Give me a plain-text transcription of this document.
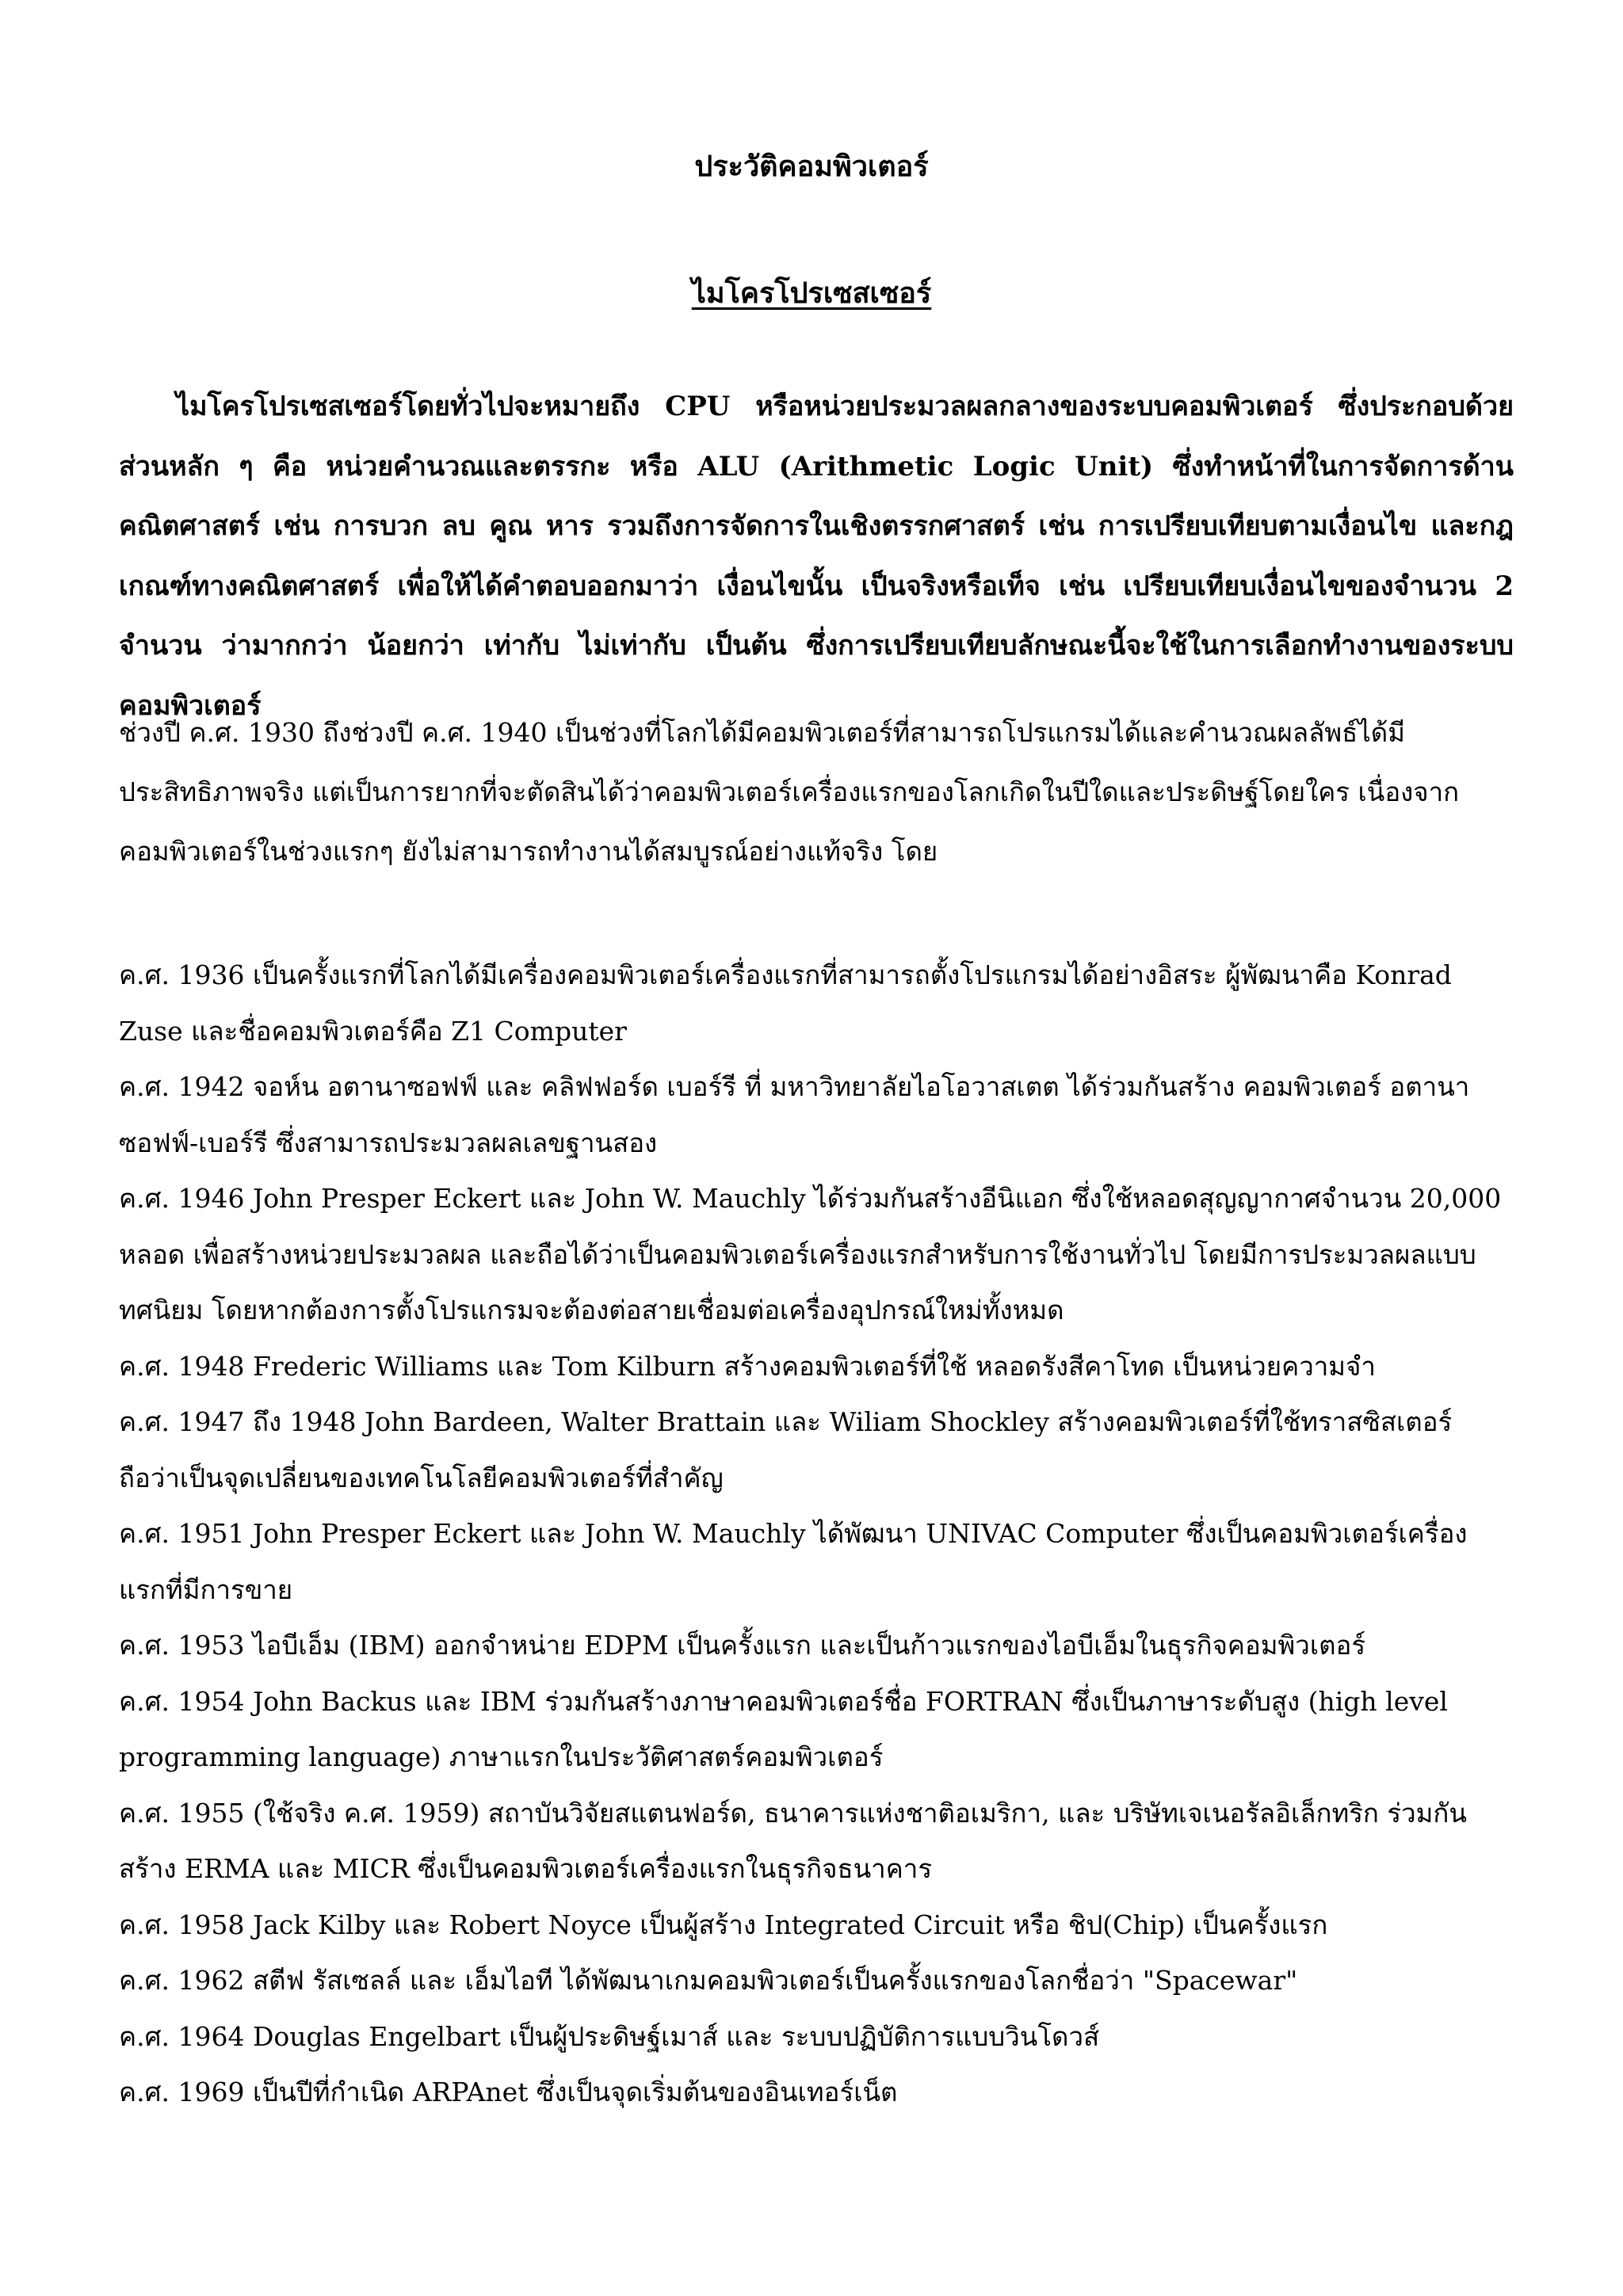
ประวัติคอมพิวเตอร์
ไมโครโปรเซสเซอร์

ไมโครโปรเซสเซอร์โดยทั่วไปจะหมายถึง CPU หรือหน่วยประมวลผลกลางของระบบคอมพิวเตอร์ ซึ่งประกอบด้วยส่วนหลัก ๆ คือ หน่วยคำนวณและตรรกะ หรือ ALU (Arithmetic Logic Unit) ซึ่งทำหน้าที่ในการจัดการด้านคณิตศาสตร์ เช่น การบวก ลบ คูณ หาร รวมถึงการจัดการในเชิงตรรกศาสตร์ เช่น การเปรียบเทียบตามเงื่อนไข และกฎเกณฑ์ทางคณิตศาสตร์ เพื่อให้ได้คำตอบออกมาว่า เงื่อนไขนั้น เป็นจริงหรือเท็จ เช่น เปรียบเทียบเงื่อนไขของจำนวน 2 จำนวน ว่ามากกว่า น้อยกว่า เท่ากับ ไม่เท่ากับ เป็นต้น ซึ่งการเปรียบเทียบลักษณะนี้จะใช้ในการเลือกทำงานของระบบคอมพิวเตอร์

ช่วงปี ค.ศ. 1930 ถึงช่วงปี ค.ศ. 1940 เป็นช่วงที่โลกได้มีคอมพิวเตอร์ที่สามารถโปรแกรมได้และคำนวณผลลัพธ์ได้มีประสิทธิภาพจริง แต่เป็นการยากที่จะตัดสินได้ว่าคอมพิวเตอร์เครื่องแรกของโลกเกิดในปีใดและประดิษฐ์โดยใคร เนื่องจากคอมพิวเตอร์ในช่วงแรกๆ ยังไม่สามารถทำงานได้สมบูรณ์อย่างแท้จริง โดย

ค.ศ. 1936 เป็นครั้งแรกที่โลกได้มีเครื่องคอมพิวเตอร์เครื่องแรกที่สามารถตั้งโปรแกรมได้อย่างอิสระ ผู้พัฒนาคือ Konrad Zuse และชื่อคอมพิวเตอร์คือ Z1 Computer
ค.ศ. 1942 จอห์น อตานาซอฟฟ์ และ คลิฟฟอร์ด เบอร์รี ที่ มหาวิทยาลัยไอโอวาสเตต ได้ร่วมกันสร้าง คอมพิวเตอร์ อตานาซอฟฟ์-เบอร์รี ซึ่งสามารถประมวลผลเลขฐานสอง
ค.ศ. 1946 John Presper Eckert และ John W. Mauchly ได้ร่วมกันสร้างอีนิแอก ซึ่งใช้หลอดสุญญากาศจำนวน 20,000 หลอด เพื่อสร้างหน่วยประมวลผล และถือได้ว่าเป็นคอมพิวเตอร์เครื่องแรกสำหรับการใช้งานทั่วไป โดยมีการประมวลผลแบบทศนิยม โดยหากต้องการตั้งโปรแกรมจะต้องต่อสายเชื่อมต่อเครื่องอุปกรณ์ใหม่ทั้งหมด
ค.ศ. 1948 Frederic Williams และ Tom Kilburn สร้างคอมพิวเตอร์ที่ใช้ หลอดรังสีคาโทด เป็นหน่วยความจำ
ค.ศ. 1947 ถึง 1948 John Bardeen, Walter Brattain และ Wiliam Shockley สร้างคอมพิวเตอร์ที่ใช้ทราสซิสเตอร์ ถือว่าเป็นจุดเปลี่ยนของเทคโนโลยีคอมพิวเตอร์ที่สำคัญ
ค.ศ. 1951 John Presper Eckert และ John W. Mauchly ได้พัฒนา UNIVAC Computer ซึ่งเป็นคอมพิวเตอร์เครื่องแรกที่มีการขาย
ค.ศ. 1953 ไอบีเอ็ม (IBM) ออกจำหน่าย EDPM เป็นครั้งแรก และเป็นก้าวแรกของไอบีเอ็มในธุรกิจคอมพิวเตอร์
ค.ศ. 1954 John Backus และ IBM ร่วมกันสร้างภาษาคอมพิวเตอร์ชื่อ FORTRAN ซึ่งเป็นภาษาระดับสูง (high level programming language) ภาษาแรกในประวัติศาสตร์คอมพิวเตอร์
ค.ศ. 1955 (ใช้จริง ค.ศ. 1959) สถาบันวิจัยสแตนฟอร์ด, ธนาคารแห่งชาติอเมริกา, และ บริษัทเจเนอรัลอิเล็กทริก ร่วมกันสร้าง ERMA และ MICR ซึ่งเป็นคอมพิวเตอร์เครื่องแรกในธุรกิจธนาคาร
ค.ศ. 1958 Jack Kilby และ Robert Noyce เป็นผู้สร้าง Integrated Circuit หรือ ชิป(Chip) เป็นครั้งแรก
ค.ศ. 1962 สตีฟ รัสเซลล์ และ เอ็มไอที ได้พัฒนาเกมคอมพิวเตอร์เป็นครั้งแรกของโลกชื่อว่า "Spacewar"
ค.ศ. 1964 Douglas Engelbart เป็นผู้ประดิษฐ์เมาส์ และ ระบบปฏิบัติการแบบวินโดวส์
ค.ศ. 1969 เป็นปีที่กำเนิด ARPAnet ซึ่งเป็นจุดเริ่มต้นของอินเทอร์เน็ต
